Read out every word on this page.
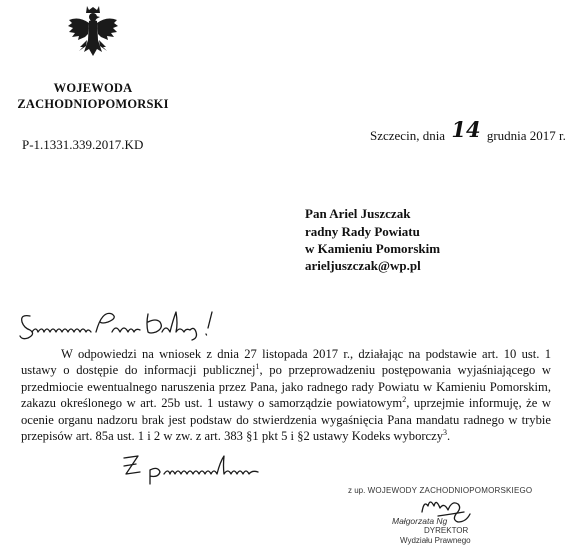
WOJEWODA
ZACHODNIOPOMORSKI
P-1.1331.339.2017.KD
Szczecin, dnia 14 grudnia 2017 r.
Pan Ariel Juszczak
radny Rady Powiatu
w Kamieniu Pomorskim
arieljuszczak@wp.pl

W odpowiedzi na wniosek z dnia 27 listopada 2017 r., działając na podstawie art. 10 ust. 1 ustawy o dostępie do informacji publicznej$^1$, po przeprowadzeniu postępowania wyjaśniającego w przedmiocie ewentualnego naruszenia przez Pana, jako radnego rady Powiatu w Kamieniu Pomorskim, zakazu określonego w art. 25b ust. 1 ustawy o samorządzie powiatowym$^2$, uprzejmie informuję, że w ocenie organu nadzoru brak jest podstaw do stwierdzenia wygaśnięcia Pana mandatu radnego w trybie przepisów art. 85a ust. 1 i 2 w zw. z art. 383 §1 pkt 5 i §2 ustawy Kodeks wyborczy$^3$.

z up. WOJEWODY ZACHODNIOPOMORSKIEGO
Małgorzata Ng
DYREKTOR
Wydziału Prawnego
